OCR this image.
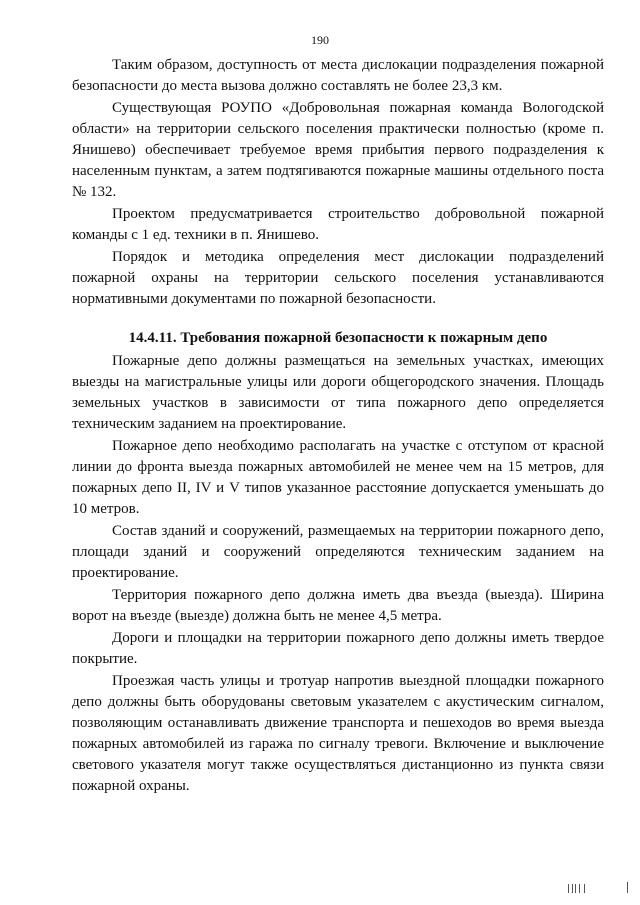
190

Таким образом, доступность от места дислокации подразделения пожарной безопасности до места вызова должно составлять не более 23,3 км.

Существующая РОУПО «Добровольная пожарная команда Вологодской области» на территории сельского поселения практически полностью (кроме п. Янишево) обеспечивает требуемое время прибытия первого подразделения к населенным пунктам, а затем подтягиваются пожарные машины отдельного поста № 132.

Проектом предусматривается строительство добровольной пожарной команды с 1 ед. техники в п. Янишево.

Порядок и методика определения мест дислокации подразделений пожарной охраны на территории сельского поселения устанавливаются нормативными документами по пожарной безопасности.

14.4.11. Требования пожарной безопасности к пожарным депо

Пожарные депо должны размещаться на земельных участках, имеющих выезды на магистральные улицы или дороги общегородского значения. Площадь земельных участков в зависимости от типа пожарного депо определяется техническим заданием на проектирование.

Пожарное депо необходимо располагать на участке с отступом от красной линии до фронта выезда пожарных автомобилей не менее чем на 15 метров, для пожарных депо II, IV и V типов указанное расстояние допускается уменьшать до 10 метров.

Состав зданий и сооружений, размещаемых на территории пожарного депо, площади зданий и сооружений определяются техническим заданием на проектирование.

Территория пожарного депо должна иметь два въезда (выезда). Ширина ворот на въезде (выезде) должна быть не менее 4,5 метра.

Дороги и площадки на территории пожарного депо должны иметь твердое покрытие.

Проезжая часть улицы и тротуар напротив выездной площадки пожарного депо должны быть оборудованы световым указателем с акустическим сигналом, позволяющим останавливать движение транспорта и пешеходов во время выезда пожарных автомобилей из гаража по сигналу тревоги. Включение и выключение светового указателя могут также осуществляться дистанционно из пункта связи пожарной охраны.
